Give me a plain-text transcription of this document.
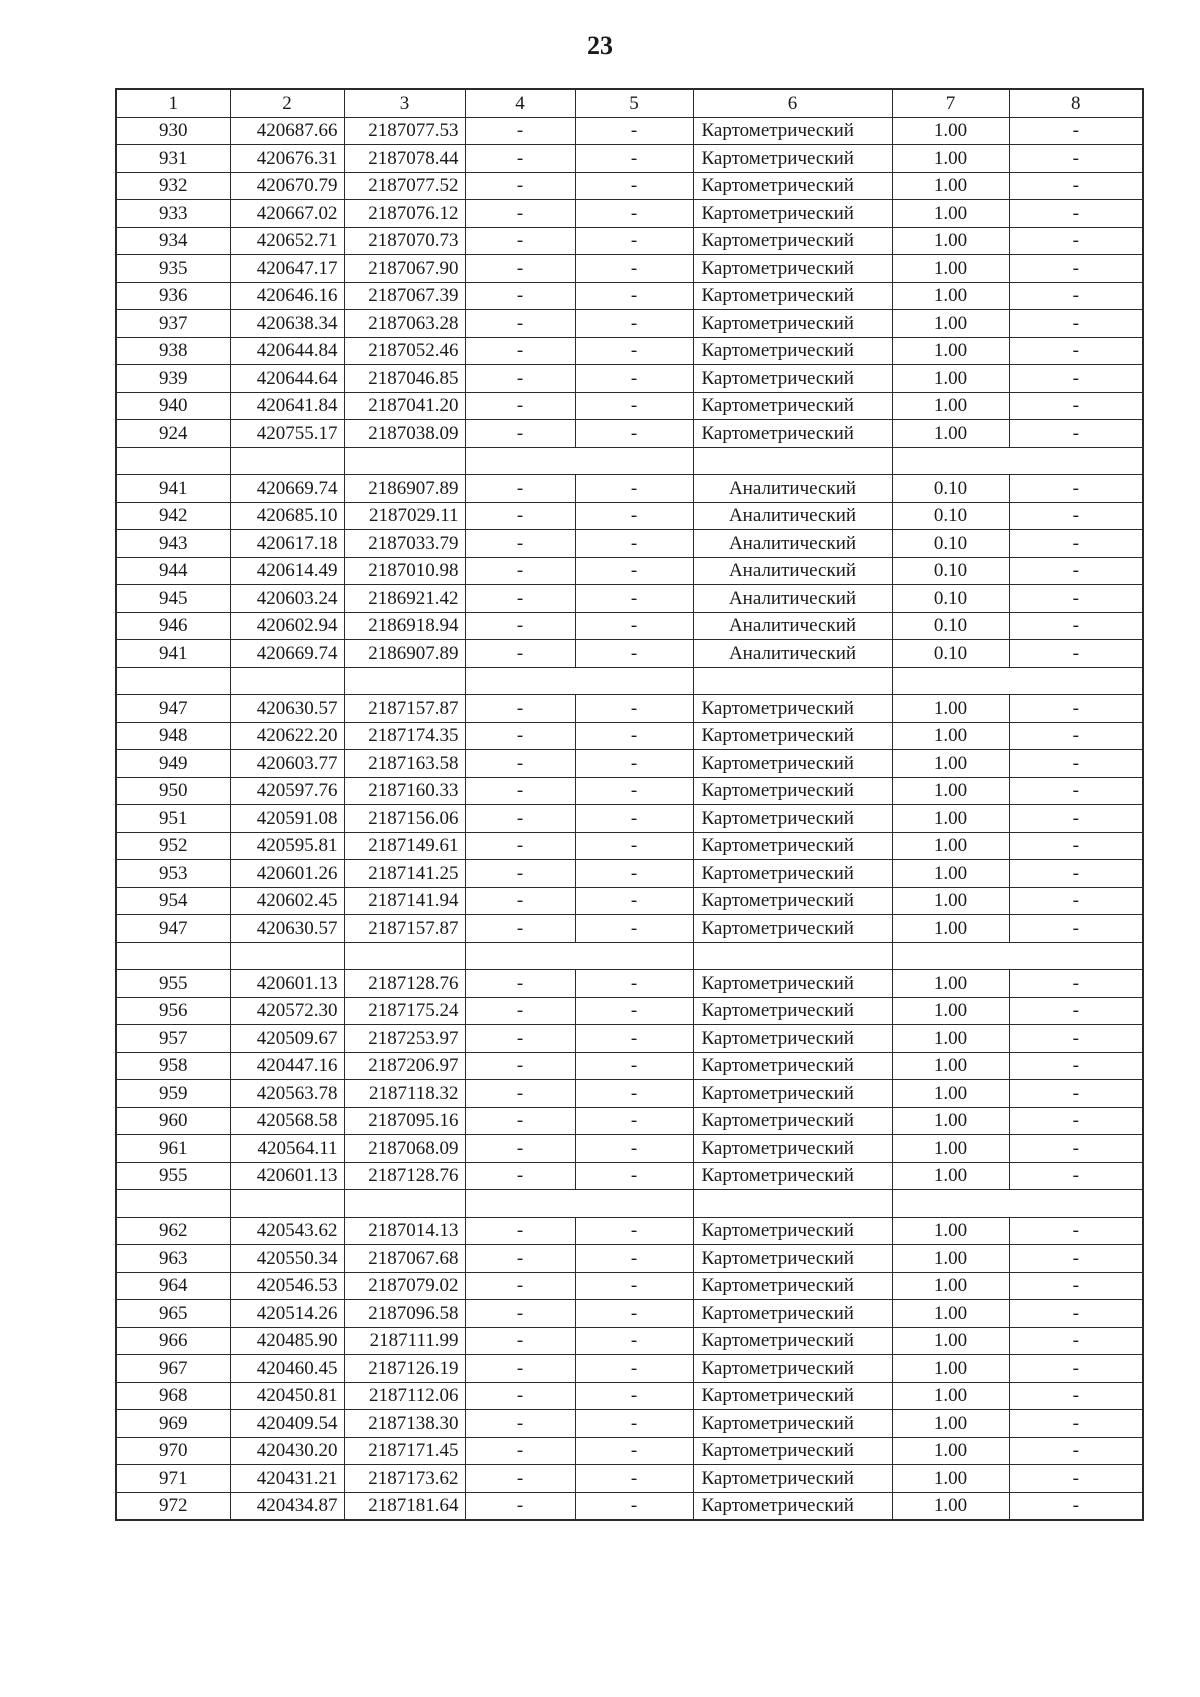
23
1	2	3	4	5	6	7	8
930	420687.66	2187077.53	-	-	Картометрический	1.00	-
931	420676.31	2187078.44	-	-	Картометрический	1.00	-
932	420670.79	2187077.52	-	-	Картометрический	1.00	-
933	420667.02	2187076.12	-	-	Картометрический	1.00	-
934	420652.71	2187070.73	-	-	Картометрический	1.00	-
935	420647.17	2187067.90	-	-	Картометрический	1.00	-
936	420646.16	2187067.39	-	-	Картометрический	1.00	-
937	420638.34	2187063.28	-	-	Картометрический	1.00	-
938	420644.84	2187052.46	-	-	Картометрический	1.00	-
939	420644.64	2187046.85	-	-	Картометрический	1.00	-
940	420641.84	2187041.20	-	-	Картометрический	1.00	-
924	420755.17	2187038.09	-	-	Картометрический	1.00	-

941	420669.74	2186907.89	-	-	Аналитический	0.10	-
942	420685.10	2187029.11	-	-	Аналитический	0.10	-
943	420617.18	2187033.79	-	-	Аналитический	0.10	-
944	420614.49	2187010.98	-	-	Аналитический	0.10	-
945	420603.24	2186921.42	-	-	Аналитический	0.10	-
946	420602.94	2186918.94	-	-	Аналитический	0.10	-
941	420669.74	2186907.89	-	-	Аналитический	0.10	-

947	420630.57	2187157.87	-	-	Картометрический	1.00	-
948	420622.20	2187174.35	-	-	Картометрический	1.00	-
949	420603.77	2187163.58	-	-	Картометрический	1.00	-
950	420597.76	2187160.33	-	-	Картометрический	1.00	-
951	420591.08	2187156.06	-	-	Картометрический	1.00	-
952	420595.81	2187149.61	-	-	Картометрический	1.00	-
953	420601.26	2187141.25	-	-	Картометрический	1.00	-
954	420602.45	2187141.94	-	-	Картометрический	1.00	-
947	420630.57	2187157.87	-	-	Картометрический	1.00	-

955	420601.13	2187128.76	-	-	Картометрический	1.00	-
956	420572.30	2187175.24	-	-	Картометрический	1.00	-
957	420509.67	2187253.97	-	-	Картометрический	1.00	-
958	420447.16	2187206.97	-	-	Картометрический	1.00	-
959	420563.78	2187118.32	-	-	Картометрический	1.00	-
960	420568.58	2187095.16	-	-	Картометрический	1.00	-
961	420564.11	2187068.09	-	-	Картометрический	1.00	-
955	420601.13	2187128.76	-	-	Картометрический	1.00	-

962	420543.62	2187014.13	-	-	Картометрический	1.00	-
963	420550.34	2187067.68	-	-	Картометрический	1.00	-
964	420546.53	2187079.02	-	-	Картометрический	1.00	-
965	420514.26	2187096.58	-	-	Картометрический	1.00	-
966	420485.90	2187111.99	-	-	Картометрический	1.00	-
967	420460.45	2187126.19	-	-	Картометрический	1.00	-
968	420450.81	2187112.06	-	-	Картометрический	1.00	-
969	420409.54	2187138.30	-	-	Картометрический	1.00	-
970	420430.20	2187171.45	-	-	Картометрический	1.00	-
971	420431.21	2187173.62	-	-	Картометрический	1.00	-
972	420434.87	2187181.64	-	-	Картометрический	1.00	-
